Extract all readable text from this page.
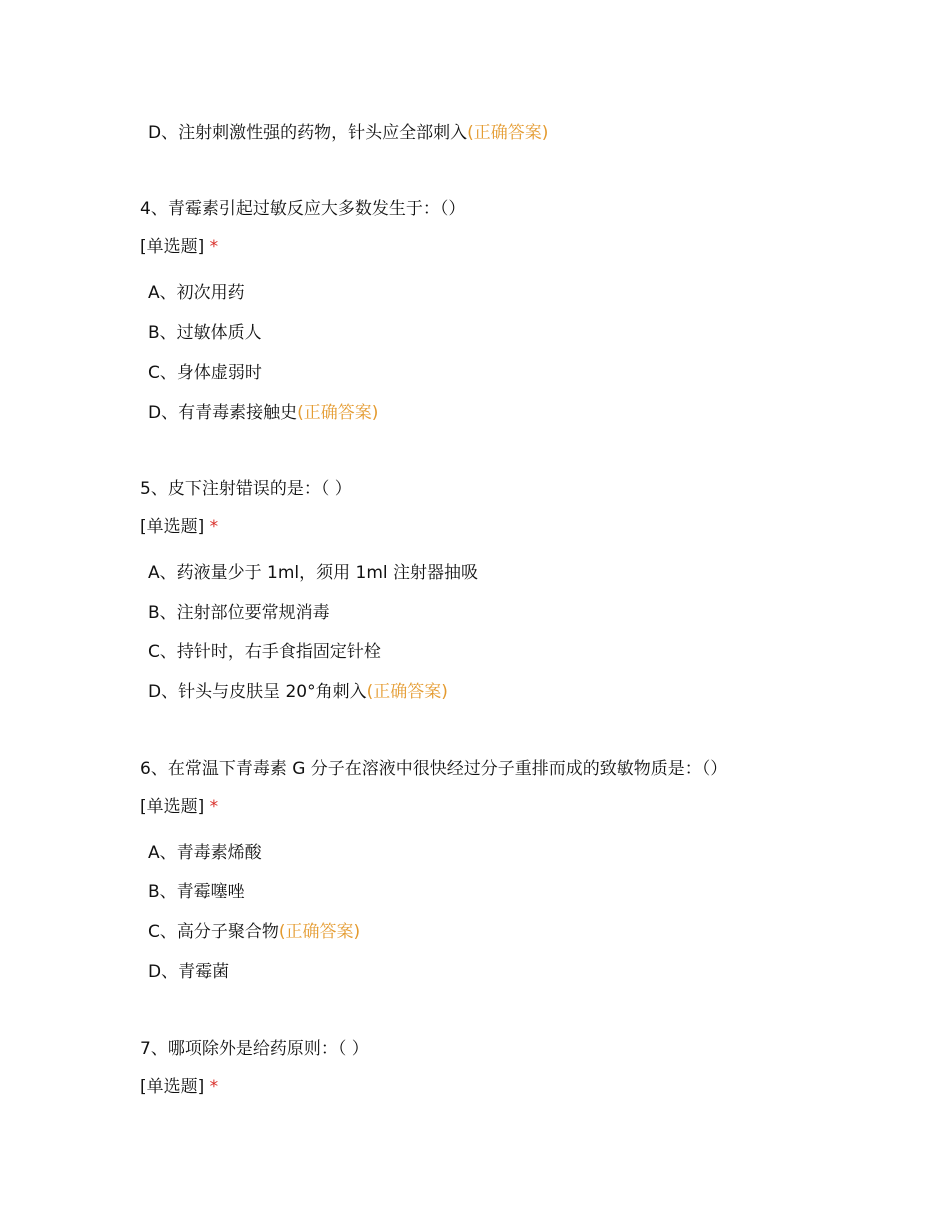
D、注射刺激性强的药物，针头应全部刺入(正确答案)
4、青霉素引起过敏反应大多数发生于：（）
[单选题] *
A、初次用药
B、过敏体质人
C、身体虚弱时
D、有青毒素接触史(正确答案)
5、皮下注射错误的是：（ ）
[单选题] *
A、药液量少于 1ml，须用 1ml 注射器抽吸
B、注射部位要常规消毒
C、持针时，右手食指固定针栓
D、针头与皮肤呈 20°角刺入(正确答案)
6、在常温下青毒素 G 分子在溶液中很快经过分子重排而成的致敏物质是：（）
[单选题] *
A、青毒素烯酸
B、青霉噻唑
C、高分子聚合物(正确答案)
D、青霉菌
7、哪项除外是给药原则：（ ）
[单选题] *
